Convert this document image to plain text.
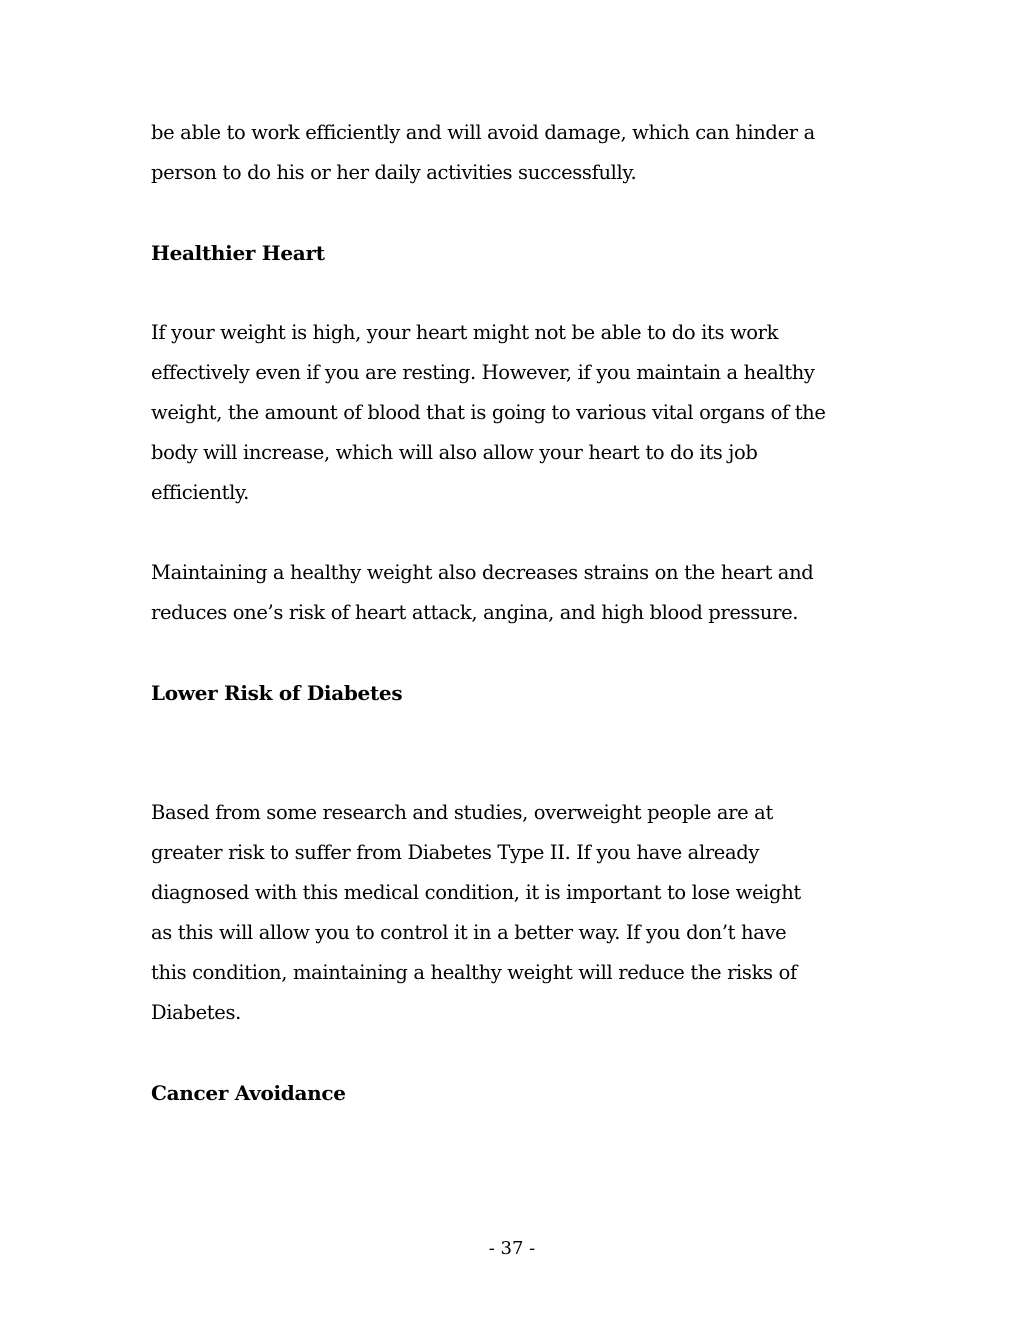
be able to work efficiently and will avoid damage, which can hinder a
person to do his or her daily activities successfully.

Healthier Heart

If your weight is high, your heart might not be able to do its work
effectively even if you are resting. However, if you maintain a healthy
weight, the amount of blood that is going to various vital organs of the
body will increase, which will also allow your heart to do its job
efficiently.

Maintaining a healthy weight also decreases strains on the heart and
reduces one’s risk of heart attack, angina, and high blood pressure.

Lower Risk of Diabetes

Based from some research and studies, overweight people are at
greater risk to suffer from Diabetes Type II. If you have already
diagnosed with this medical condition, it is important to lose weight
as this will allow you to control it in a better way. If you don’t have
this condition, maintaining a healthy weight will reduce the risks of
Diabetes.

Cancer Avoidance
- 37 -
